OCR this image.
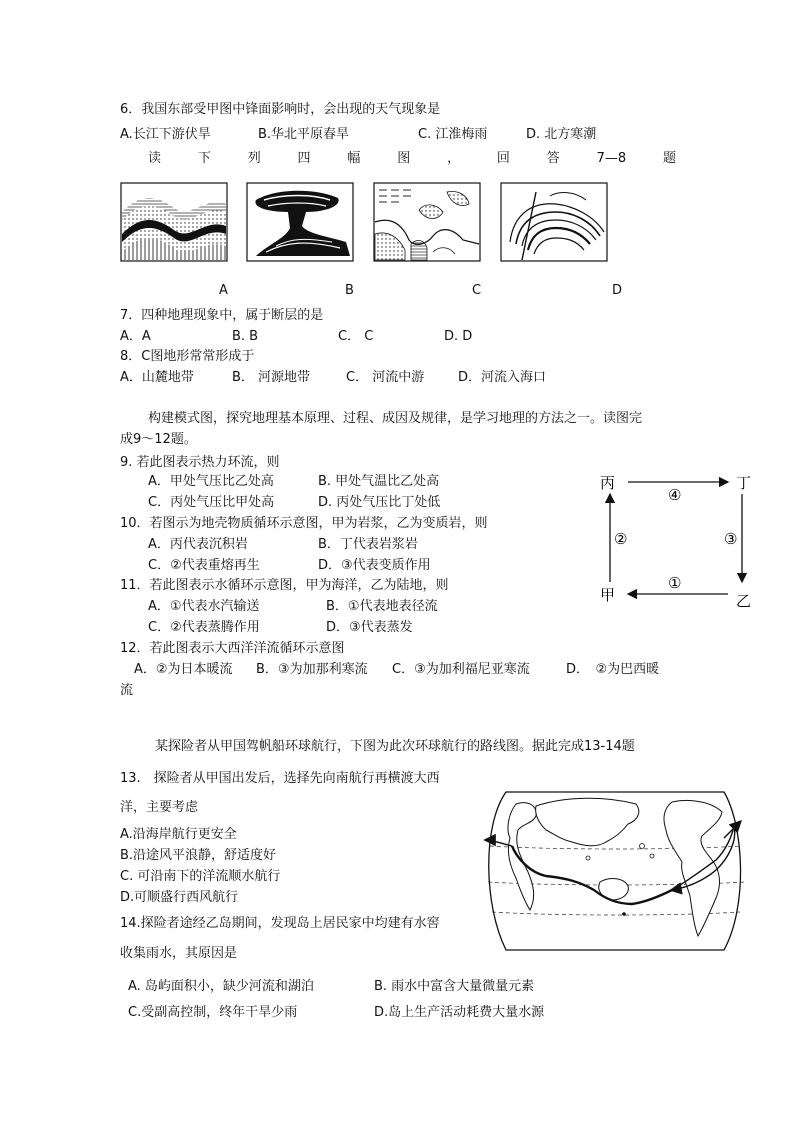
6．我国东部受甲图中锋面影响时，会出现的天气现象是
A.长江下游伏旱	B.华北平原春旱	C. 江淮梅雨	D. 北方寒潮
读	下	列	四	幅	图	，	回	答	7—8	题
A	B	C	D
7．四种地理现象中，属于断层的是
A．A	B. B	C． C	D. D
8．C图地形常常形成于
A．山麓地带	B． 河源地带	C． 河流中游	D．河流入海口
构建模式图，探究地理基本原理、过程、成因及规律，是学习地理的方法之一。读图完
成9～12题。
9. 若此图表示热力环流，则
A．甲处气压比乙处高	B. 甲处气温比乙处高
C．丙处气压比甲处高	D. 丙处气压比丁处低
10．若图示为地壳物质循环示意图，甲为岩浆，乙为变质岩，则
A．丙代表沉积岩	B．丁代表岩浆岩
C．②代表重熔再生	D．③代表变质作用
11．若此图表示水循环示意图，甲为海洋，乙为陆地，则
A．①代表水汽输送	B．①代表地表径流
C．②代表蒸腾作用	D．③代表蒸发
12．若此图表示大西洋洋流循环示意图
A．②为日本暖流 B．③为加那利寒流 C．③为加利福尼亚寒流	D．　②为巴西暖
流
丙	丁
甲	乙
④
③
①
②
某探险者从甲国驾帆船环球航行，下图为此次环球航行的路线图。据此完成13-14题
13.　探险者从甲国出发后，选择先向南航行再横渡大西
洋，主要考虑
A.沿海岸航行更安全
B.沿途风平浪静，舒适度好
C. 可沿南下的洋流顺水航行
D.可顺盛行西风航行
14.探险者途经乙岛期间，发现岛上居民家中均建有水窖
收集雨水，其原因是
A. 岛屿面积小，缺少河流和湖泊	B. 雨水中富含大量微量元素
C.受副高控制，终年干旱少雨	D.岛上生产活动耗费大量水源
